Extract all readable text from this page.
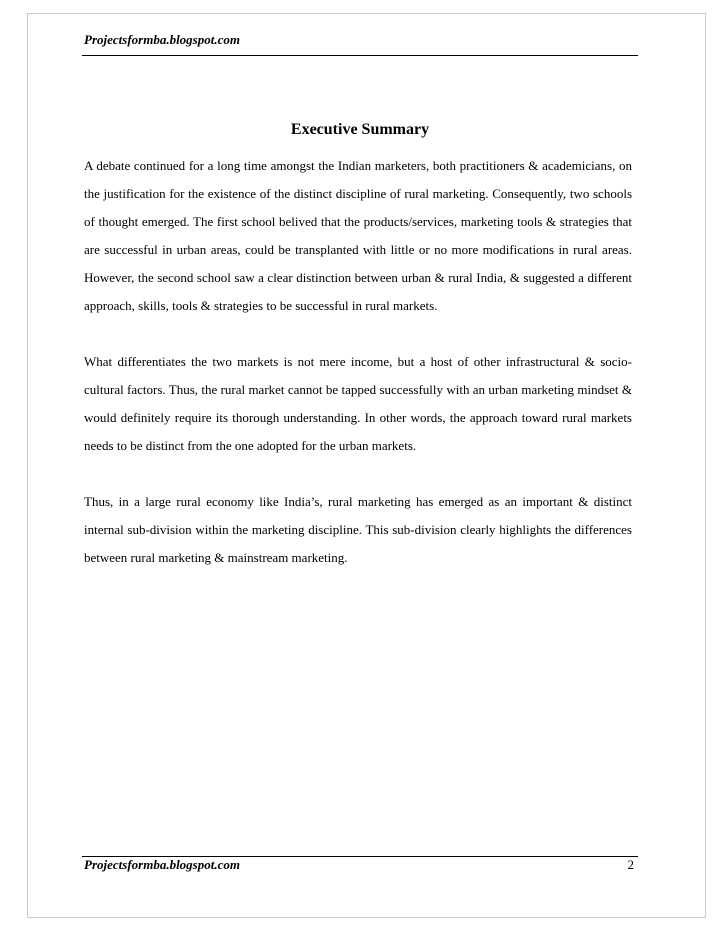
Projectsformba.blogspot.com
Executive Summary

A debate continued for a long time amongst the Indian marketers, both practitioners & academicians, on the justification for the existence of the distinct discipline of rural marketing. Consequently, two schools of thought emerged. The first school belived that the products/services, marketing tools & strategies that are successful in urban areas, could be transplanted with little or no more modifications in rural areas. However, the second school saw a clear distinction between urban & rural India, & suggested a different approach, skills, tools & strategies to be successful in rural markets.

What differentiates the two markets is not mere income, but a host of other infrastructural & socio-cultural factors. Thus, the rural market cannot be tapped successfully with an urban marketing mindset & would definitely require its thorough understanding. In other words, the approach toward rural markets needs to be distinct from the one adopted for the urban markets.

Thus, in a large rural economy like India’s, rural marketing has emerged as an important & distinct internal sub-division within the marketing discipline. This sub-division clearly highlights the differences between rural marketing & mainstream marketing.

Projectsformba.blogspot.com	2
